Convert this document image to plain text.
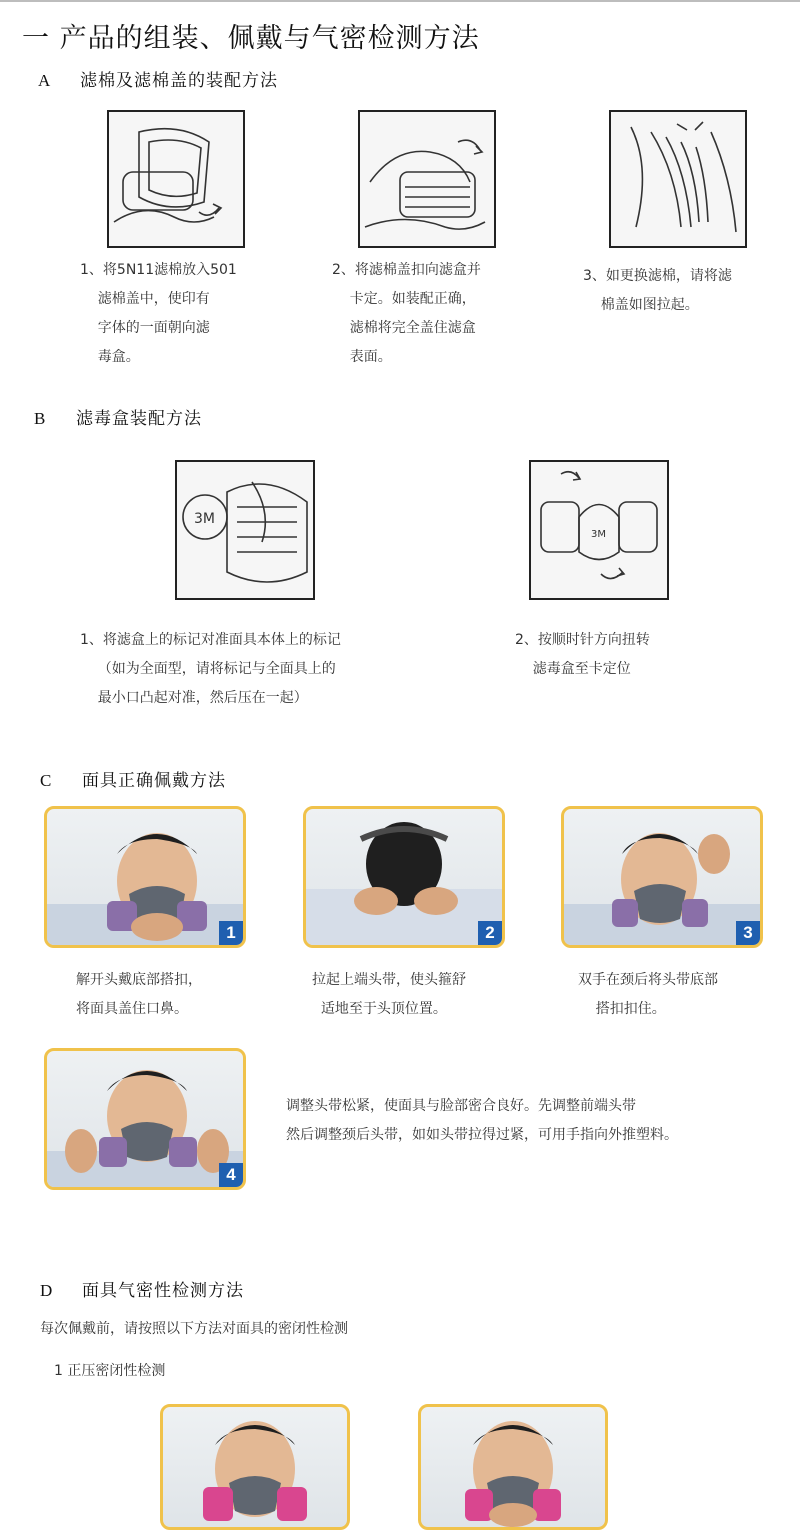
一 产品的组装、佩戴与气密检测方法
A 滤棉及滤棉盖的装配方法
1、将5N11滤棉放入501
滤棉盖中，使印有
字体的一面朝向滤
毒盒。
2、将滤棉盖扣向滤盒并
卡定。如装配正确，
滤棉将完全盖住滤盒
表面。
3、如更换滤棉，请将滤
棉盖如图拉起。
B 滤毒盒装配方法
3M
3M
1、将滤盒上的标记对准面具本体上的标记
（如为全面型，请将标记与全面具上的
最小口凸起对准，然后压在一起）
2、按顺时针方向扭转
滤毒盒至卡定位
C 面具正确佩戴方法
1	2	3
解开头戴底部搭扣，
将面具盖住口鼻。
拉起上端头带，使头箍舒
适地至于头顶位置。
双手在颈后将头带底部
搭扣扣住。
4
调整头带松紧，使面具与脸部密合良好。先调整前端头带
然后调整颈后头带，如如头带拉得过紧，可用手指向外推塑料。
D 面具气密性检测方法
每次佩戴前，请按照以下方法对面具的密闭性检测
1 正压密闭性检测
